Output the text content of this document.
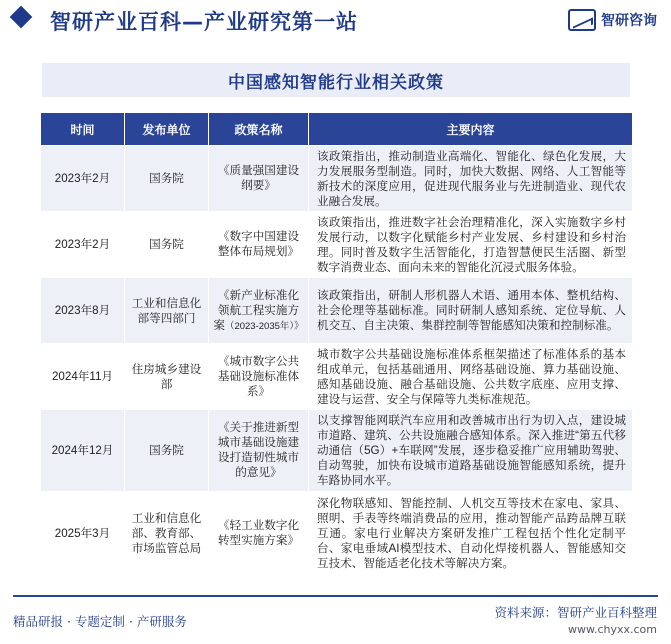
智研产业百科—产业研究第一站	智研咨询
中国感知智能行业相关政策
时间	发布单位	政策名称	主要内容
2023年2月	国务院	《质量强国建设纲要》	该政策指出，推动制造业高端化、智能化、绿色化发展，大力发展服务型制造。同时，加快大数据、网络、人工智能等新技术的深度应用，促进现代服务业与先进制造业、现代农业融合发展。
2023年2月	国务院	《数字中国建设整体布局规划》	该政策指出，推进数字社会治理精准化，深入实施数字乡村发展行动，以数字化赋能乡村产业发展、乡村建设和乡村治理。同时普及数字生活智能化，打造智慧便民生活圈、新型数字消费业态、面向未来的智能化沉浸式服务体验。
2023年8月	工业和信息化部等四部门	《新产业标准化领航工程实施方案（2023-2035年）》	该政策指出，研制人形机器人术语、通用本体、整机结构、社会伦理等基础标准。同时研制人感知系统、定位导航、人机交互、自主决策、集群控制等智能感知决策和控制标准。
2024年11月	住房城乡建设部	《城市数字公共基础设施标准体系》	城市数字公共基础设施标准体系框架描述了标准体系的基本组成单元，包括基础通用、网络基础设施、算力基础设施、感知基础设施、融合基础设施、公共数字底座、应用支撑、建设与运营、安全与保障等九类标准规范。
2024年12月	国务院	《关于推进新型城市基础设施建设打造韧性城市的意见》	以支撑智能网联汽车应用和改善城市出行为切入点，建设城市道路、建筑、公共设施融合感知体系。深入推进“第五代移动通信（5G）+车联网”发展，逐步稳妥推广应用辅助驾驶、自动驾驶，加快布设城市道路基础设施智能感知系统，提升车路协同水平。
2025年3月	工业和信息化部、教育部、市场监管总局	《轻工业数字化转型实施方案》	深化物联感知、智能控制、人机交互等技术在家电、家具、照明、手表等终端消费品的应用，推动智能产品跨品牌互联互通。家电行业解决方案研发推广工程包括个性化定制平台、家电垂域AI模型技术、自动化焊接机器人、智能感知交互技术、智能适老化技术等解决方案。
精品研报 · 专题定制 · 产研服务
资料来源：智研产业百科整理
www.chyxx.com
